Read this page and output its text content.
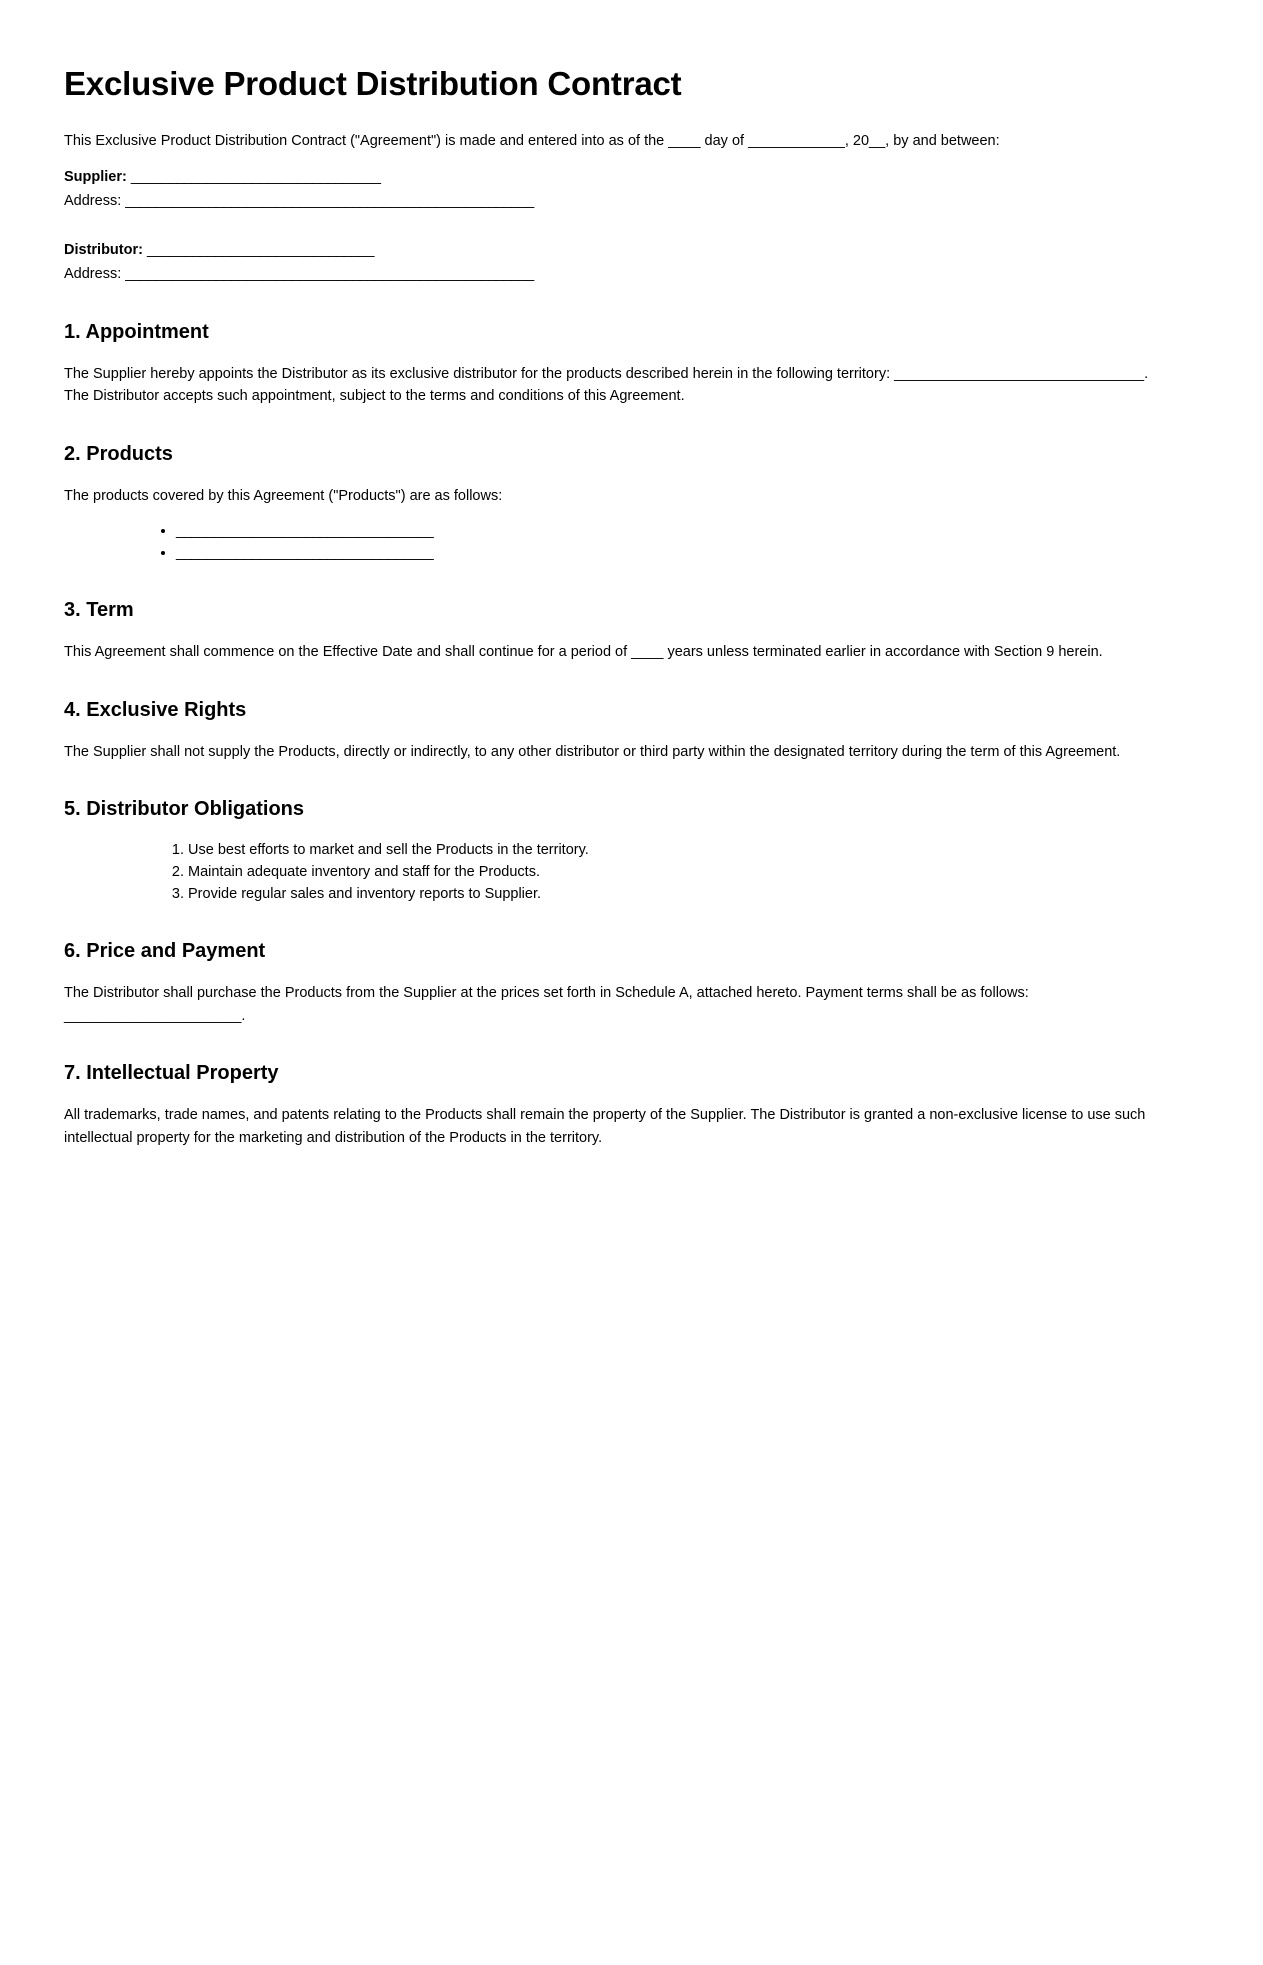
Exclusive Product Distribution Contract

This Exclusive Product Distribution Contract ("Agreement") is made and entered into as of the ____ day of ____________, 20__, by and between:

Supplier: _________________________________
Address: ______________________________________________________
Distributor: ______________________________
Address: ______________________________________________________
1. Appointment

The Supplier hereby appoints the Distributor as its exclusive distributor for the products described herein in the following territory: _______________________________. The Distributor accepts such appointment, subject to the terms and conditions of this Agreement.

2. Products

The products covered by this Agreement ("Products") are as follows:

• __________________________________
• __________________________________
3. Term

This Agreement shall commence on the Effective Date and shall continue for a period of ____ years unless terminated earlier in accordance with Section 9 herein.

4. Exclusive Rights

The Supplier shall not supply the Products, directly or indirectly, to any other distributor or third party within the designated territory during the term of this Agreement.

5. Distributor Obligations
1. Use best efforts to market and sell the Products in the territory.
2. Maintain adequate inventory and staff for the Products.
3. Provide regular sales and inventory reports to Supplier.
6. Price and Payment

The Distributor shall purchase the Products from the Supplier at the prices set forth in Schedule A, attached hereto. Payment terms shall be as follows: ______________________.

7. Intellectual Property

All trademarks, trade names, and patents relating to the Products shall remain the property of the Supplier. The Distributor is granted a non-exclusive license to use such intellectual property for the marketing and distribution of the Products in the territory.
